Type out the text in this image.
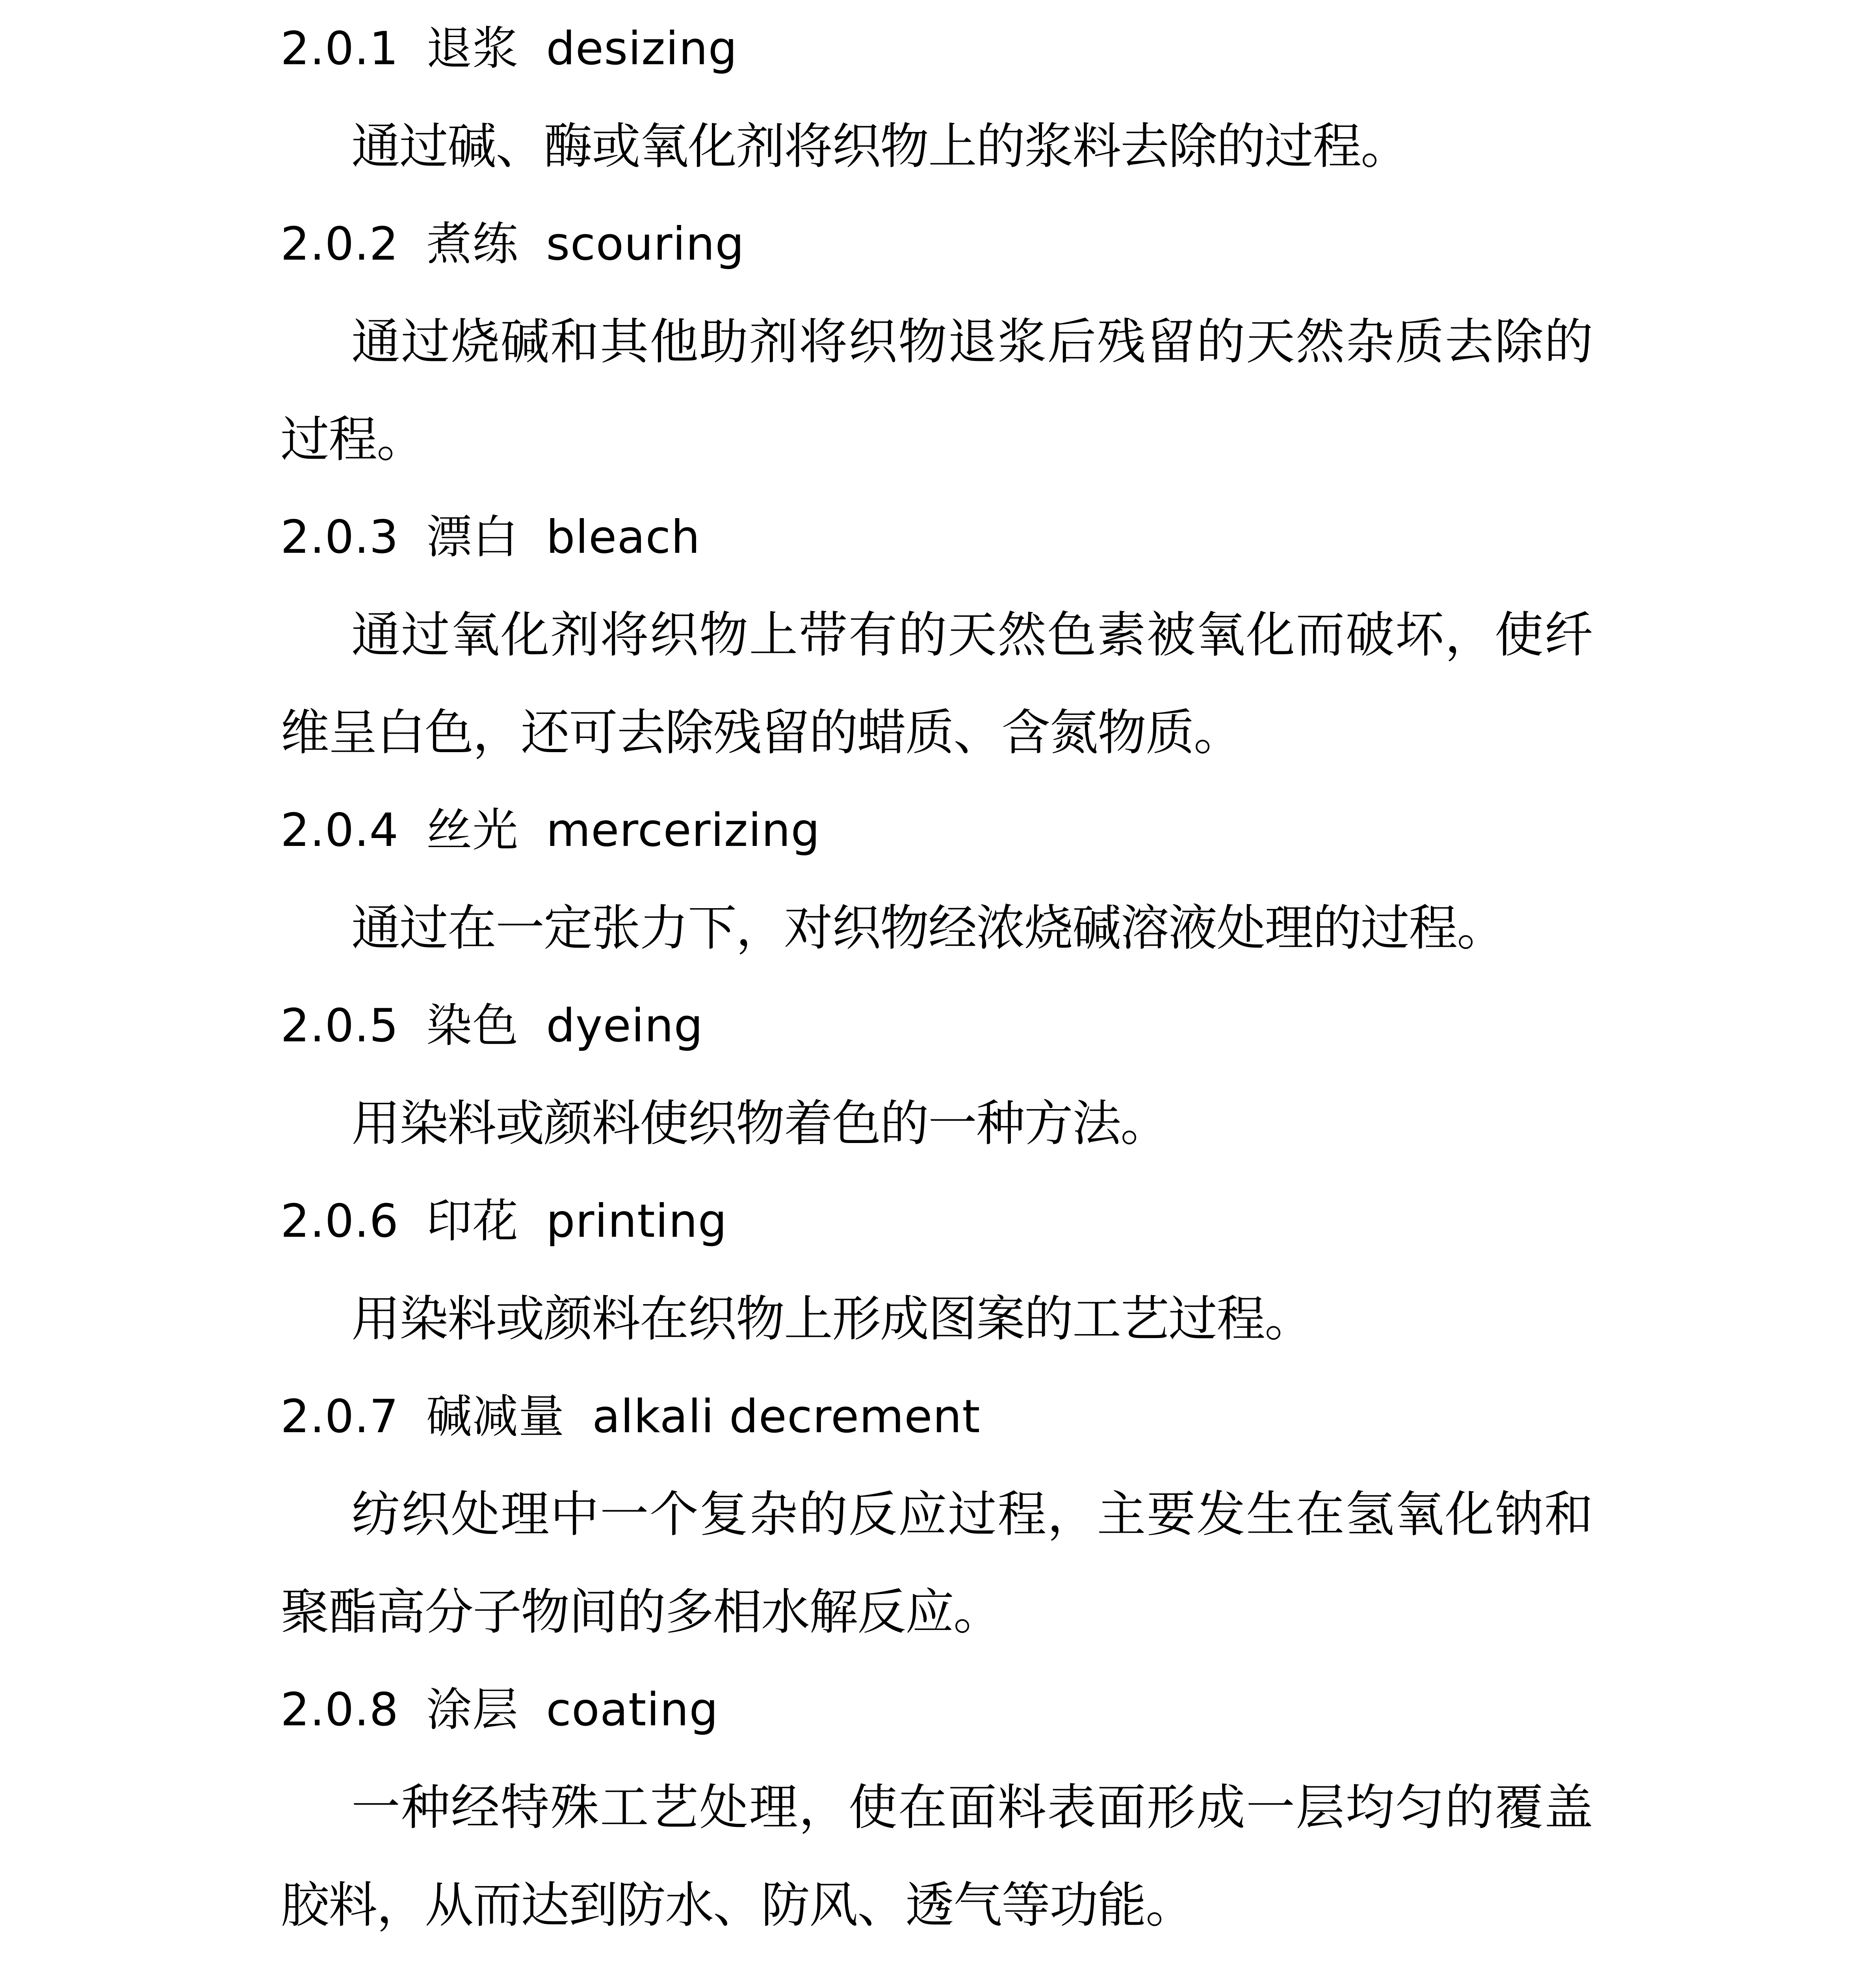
2.0.1 退浆 desizing
通过碱、酶或氧化剂将织物上的浆料去除的过程。
2.0.2 煮练 scouring
通过烧碱和其他助剂将织物退浆后残留的天然杂质去除的过程。
2.0.3 漂白 bleach
通过氧化剂将织物上带有的天然色素被氧化而破坏，使纤维呈白色，还可去除残留的蜡质、含氮物质。
2.0.4 丝光 mercerizing
通过在一定张力下，对织物经浓烧碱溶液处理的过程。
2.0.5 染色 dyeing
用染料或颜料使织物着色的一种方法。
2.0.6 印花 printing
用染料或颜料在织物上形成图案的工艺过程。
2.0.7 碱减量 alkali decrement
纺织处理中一个复杂的反应过程，主要发生在氢氧化钠和聚酯高分子物间的多相水解反应。
2.0.8 涂层 coating
一种经特殊工艺处理，使在面料表面形成一层均匀的覆盖胶料，从而达到防水、防风、透气等功能。
